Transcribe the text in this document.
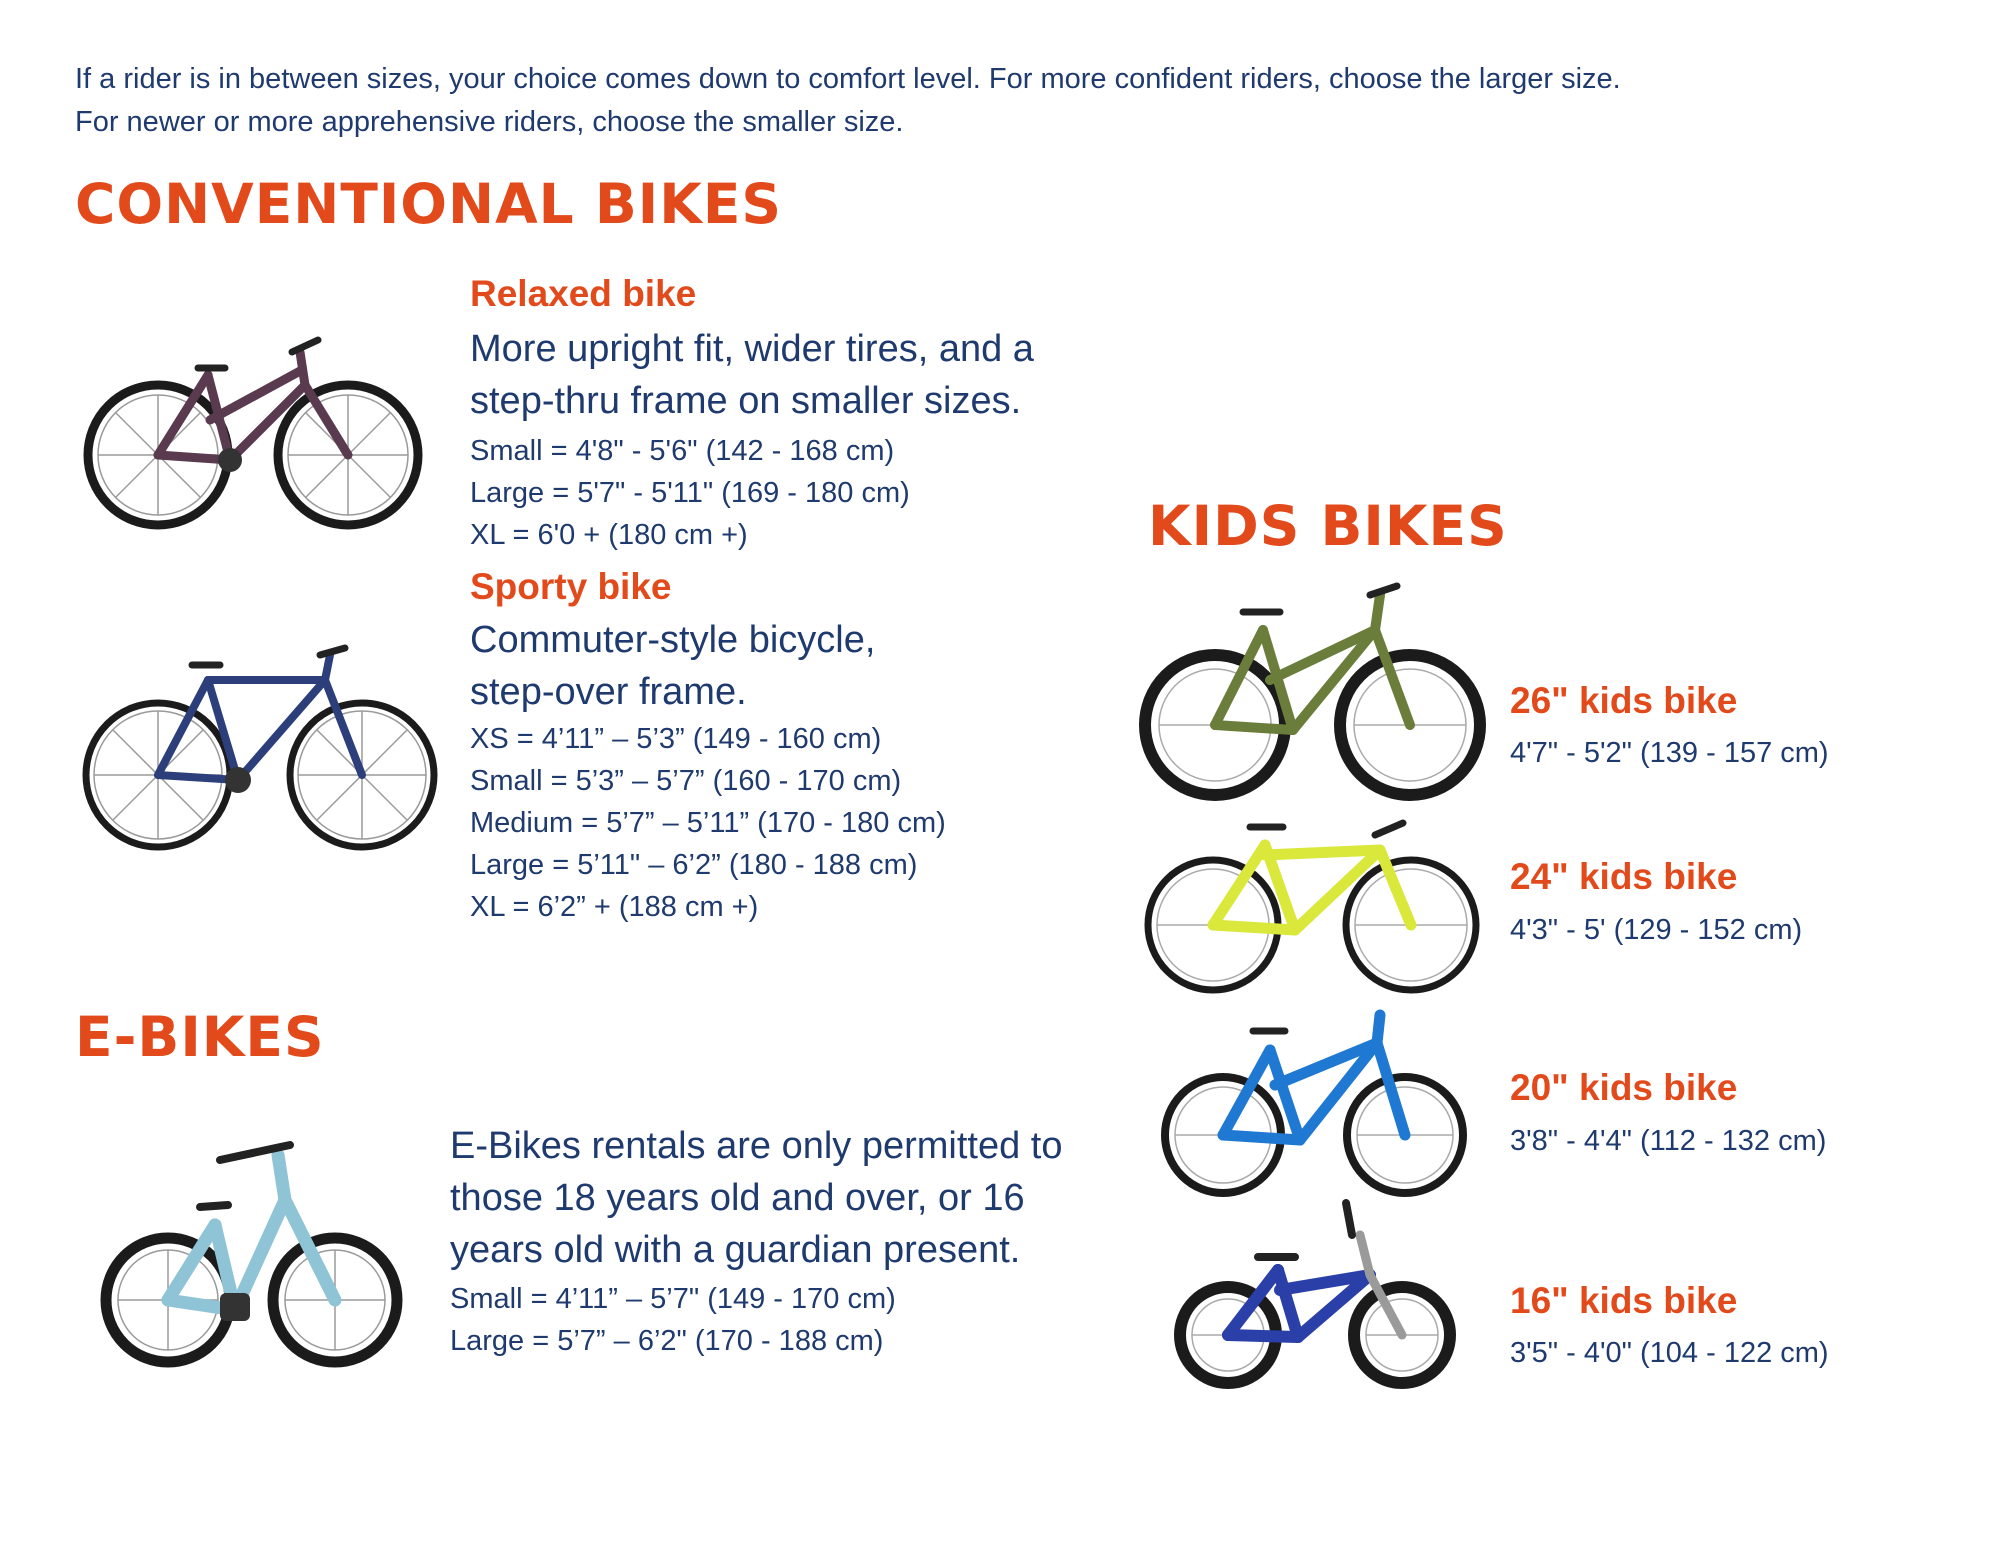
If a rider is in between sizes, your choice comes down to comfort level. For more confident riders, choose the larger size.
For newer or more apprehensive riders, choose the smaller size.
CONVENTIONAL BIKES
Relaxed bike
More upright fit, wider tires, and a
step-thru frame on smaller sizes.
Small = 4'8" - 5'6" (142 - 168 cm)
Large = 5'7" - 5'11" (169 - 180 cm)
XL = 6'0 + (180 cm +)
Sporty bike
Commuter-style bicycle,
step-over frame.
XS = 4’11” – 5’3” (149 - 160 cm)
Small = 5’3” – 5’7” (160 - 170 cm)
Medium = 5’7” – 5’11” (170 - 180 cm)
Large = 5’11" – 6’2” (180 - 188 cm)
XL = 6’2” + (188 cm +)
E-BIKES
E-Bikes rentals are only permitted to
those 18 years old and over, or 16
years old with a guardian present.
Small = 4’11” – 5’7" (149 - 170 cm)
Large = 5’7” – 6’2" (170 - 188 cm)
KIDS BIKES
26" kids bike
4'7" - 5'2" (139 - 157 cm)
24" kids bike
4'3" - 5' (129 - 152 cm)
20" kids bike
3'8" - 4'4" (112 - 132 cm)
16" kids bike
3'5" - 4'0" (104 - 122 cm)
